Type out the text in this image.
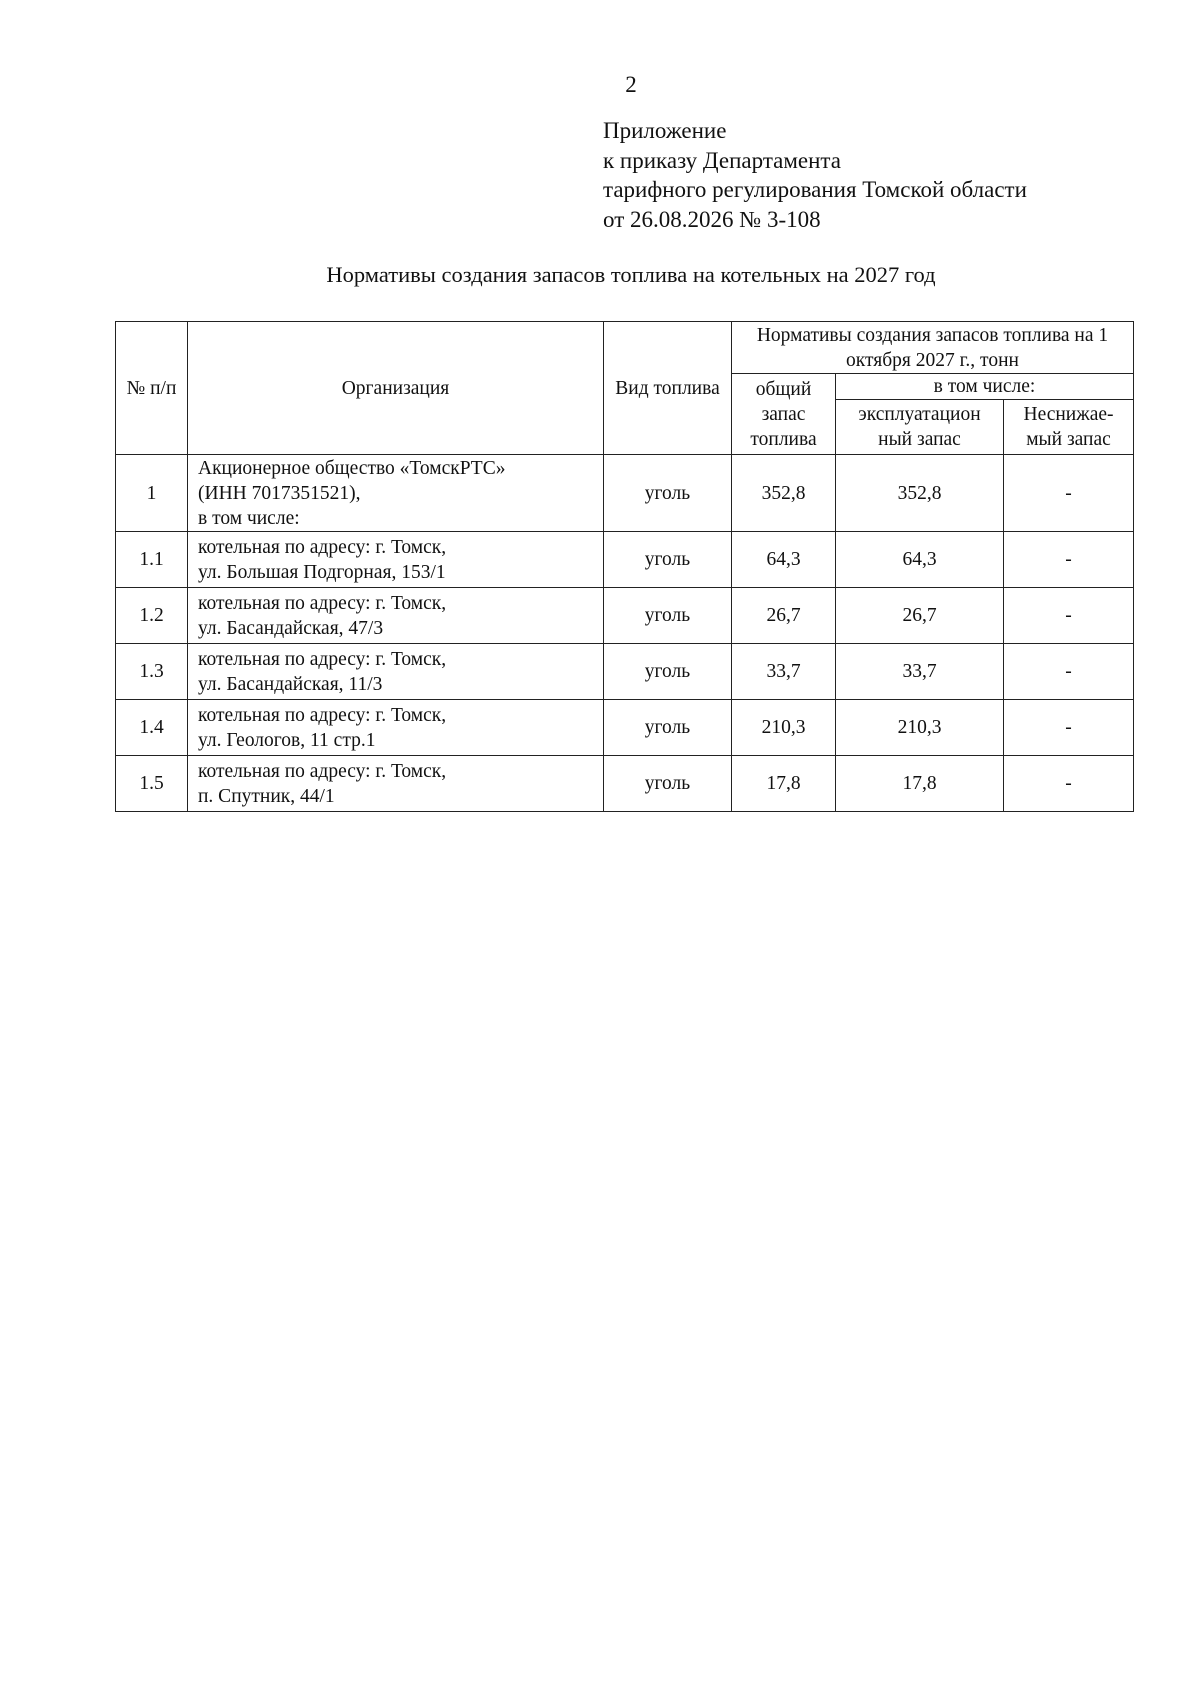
2
Приложение
к приказу Департамента
тарифного регулирования Томской области
от 26.08.2026 № 3-108
Нормативы создания запасов топлива на котельных на 2027 год
№ п/п	Организация	Вид топлива	Нормативы создания запасов топлива на 1 октября 2027 г., тонн		
			общий запас топлива	в том числе:	
				эксплуатацион ный запас	Неснижае- мый запас
1	Акционерное общество «ТомскРТС»
(ИНН 7017351521),
в том числе:	уголь	352,8	352,8	-
1.1	котельная по адресу: г. Томск,
ул. Большая Подгорная, 153/1	уголь	64,3	64,3	-
1.2	котельная по адресу: г. Томск,
ул. Басандайская, 47/3	уголь	26,7	26,7	-
1.3	котельная по адресу: г. Томск,
ул. Басандайская, 11/3	уголь	33,7	33,7	-
1.4	котельная по адресу: г. Томск,
ул. Геологов, 11 стр.1	уголь	210,3	210,3	-
1.5	котельная по адресу: г. Томск,
п. Спутник, 44/1	уголь	17,8	17,8	-
